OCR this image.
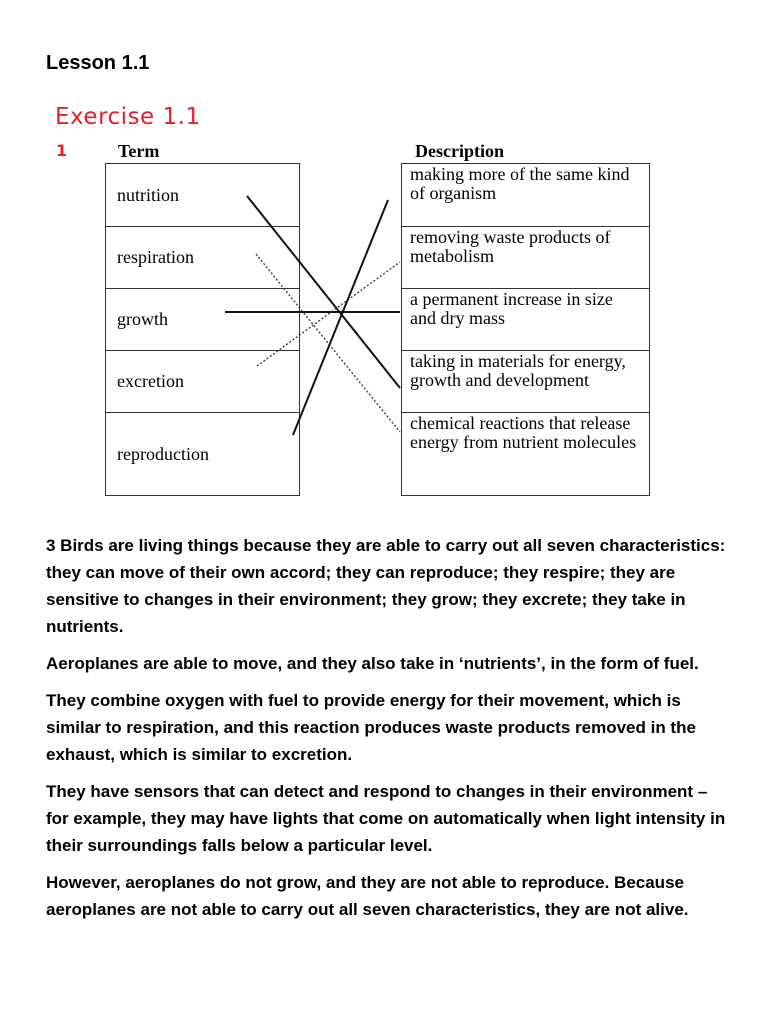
Lesson 1.1
Exercise 1.1
1	Term	Description
nutrition
respiration
growth
excretion
reproduction
making more of the same kind of organism
removing waste products of metabolism
a permanent increase in size and dry mass
taking in materials for energy, growth and development
chemical reactions that release energy from nutrient molecules

3 Birds are living things because they are able to carry out all seven characteristics: they can move of their own accord; they can reproduce; they respire; they are sensitive to changes in their environment; they grow; they excrete; they take in nutrients.

Aeroplanes are able to move, and they also take in ‘nutrients’, in the form of fuel.

They combine oxygen with fuel to provide energy for their movement, which is similar to respiration, and this reaction produces waste products removed in the exhaust, which is similar to excretion.

They have sensors that can detect and respond to changes in their environment – for example, they may have lights that come on automatically when light intensity in their surroundings falls below a particular level.

However, aeroplanes do not grow, and they are not able to reproduce. Because aeroplanes are not able to carry out all seven characteristics, they are not alive.
